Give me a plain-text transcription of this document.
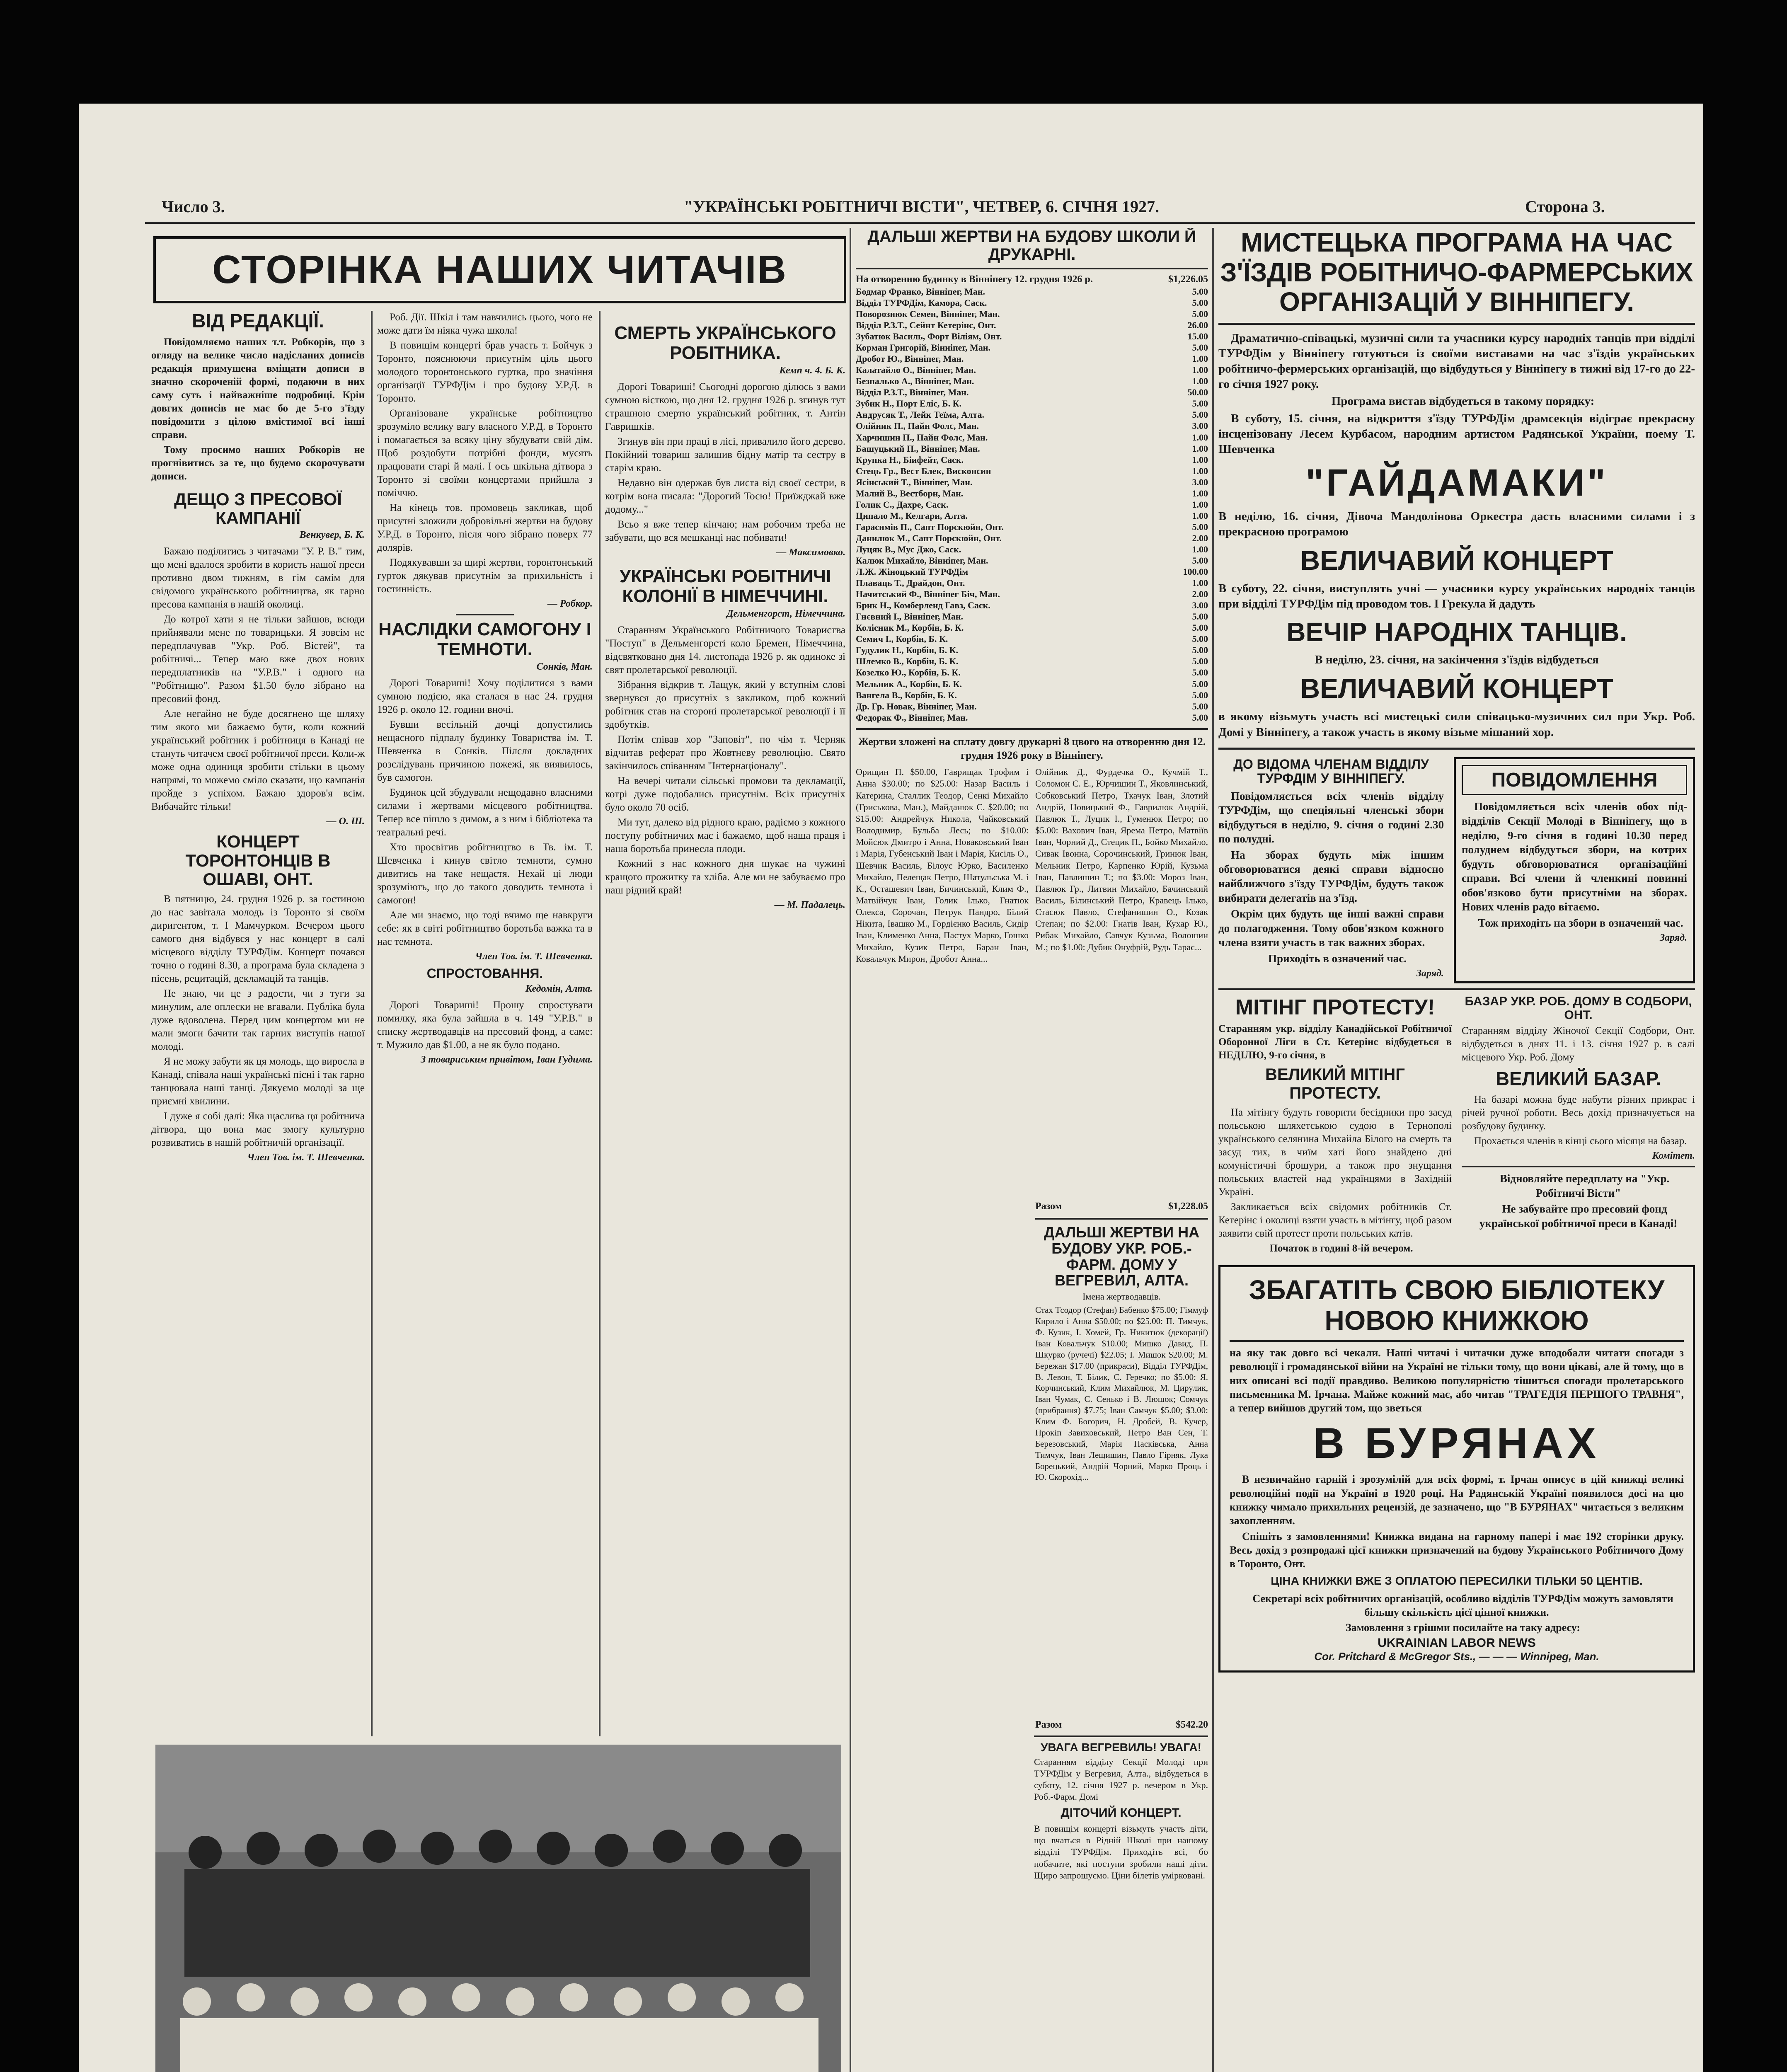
Число 3.	"УКРАЇНСЬКІ РОБІТНИЧІ ВІСТИ", ЧЕТВЕР, 6. СІЧНЯ 1927.	Сторона 3.
СТОРІНКА НАШИХ ЧИТАЧІВ
ВІД РЕДАКЦІЇ.

Повідомляємо наших т.т. Робкорів, що з огляду на велике число надісланих дописів редакція примушена вміщати дописи в значно скороченій формі, подаючи в них саму суть і найважніше подробиці. Кріи довгих дописів не має бо де 5-го з'їзду повідомити з цілою вмістимої всі інші справи.

Тому просимо наших Робкорів не прогнівитись за те, що будемо скорочувати дописи.

ДЕЩО З ПРЕСОВОЇ КАМПАНІЇ
Венкувер, Б. К.

Бажаю поділитись з читачами "У. Р. В." тим, що мені вдалося зробити в користь нашої преси противно двом тижням, в гім самім для свідомого українського робітництва, як гарно пресова кампанія в нашій околиці.

До котрої хати я не тільки зайшов, всюди прийнявали мене по товарицьки. Я зовсім не передплачував "Укр. Роб. Вістей", та робітничі... Тепер маю вже двох нових передплатників на "У.Р.В." і одного на "Робітницю". Разом $1.50 було зібрано на пресовий фонд.

Але негайно не буде досягнено ще шляху тим якого ми бажаємо бути, коли кожний український робітник і робітниця в Канаді не стануть читачем своєї робітничої преси. Коли-ж може одна одиниця зробити стільки в цьому напрямі, то можемо сміло сказати, що кампанія пройде з успіхом. Бажаю здоров'я всім. Вибачайте тільки!

— О. Ш.
КОНЦЕРТ ТОРОНТОНЦІВ В ОШАВІ, ОНТ.

В пятницю, 24. грудня 1926 р. за гостиною до нас завітала молодь із Торонто зі своїм диригентом, т. І Мамчурком. Вечером цього самого дня відбувся у нас концерт в салі місцевого відділу ТУРФДім. Концерт почався точно о годині 8.30, а програма була складена з пісень, рецитацій, декламацій та танців.

Не знаю, чи це з радости, чи з туги за минулим, але оплески не вгавали. Публіка була дуже вдоволена. Перед цим концертом ми не мали змоги бачити так гарних виступів нашої молоді.

Я не можу забути як ця молодь, що виросла в Канаді, співала наші українські пісні і так гарно танцювала наші танці. Дякуємо молоді за ще приємні хвилини.

І дуже я собі далі: Яка щаслива ця робітнича дітвора, що вона має змогу культурно розвиватись в нашій робітничій організації.

Член Тов. ім. Т. Шевченка.

Роб. Дії. Шкіл і там навчились цього, чого не може дати їм ніяка чужа школа!

В повищім концерті брав участь т. Бойчук з Торонто, пояснюючи присутнім ціль цього молодого торонтонського гуртка, про значіння організації ТУРФДім і про будову У.Р.Д. в Торонто.

Організоване українське робітництво зрозуміло велику вагу власного У.Р.Д. в Торонто і помагається за всяку ціну збудувати свій дім. Щоб роздобути потрібні фонди, мусять працювати старі й малі. І ось шкільна дітвора з Торонто зі своїми концертами прийшла з поміччю.

На кінець тов. промовець закликав, щоб присутні зложили добровільні жертви на будову У.Р.Д. в Торонто, після чого зібрано поверх 77 долярів.

Подякувавши за щирі жертви, торонтонський гурток дякував присутнім за прихильність і гостинність.

— Робкор.
НАСЛІДКИ САМОГОНУ І ТЕМНОТИ.
Сонків, Ман.

Дорогі Товариші! Хочу поділитися з вами сумною подією, яка сталася в нас 24. грудня 1926 р. около 12. години вночі.

Бувши весільній дочці допустились нещасного підпалу будинку Товариства ім. Т. Шевченка в Сонків. Пілсля докладних розслідувань причиною пожежі, як виявилось, був самогон.

Будинок цей збудували нещодавно власними силами і жертвами місцевого робітництва. Тепер все пішло з димом, а з ним і бібліотека та театральні речі.

Хто просвітив робітництво в Тв. ім. Т. Шевченка і кинув світло темноти, сумно дивитись на таке нещастя. Нехай ці люди зрозуміють, що до такого доводить темнота і самогон!

Але ми знаємо, що тоді вчимо ще навкруги себе: як в світі робітництво боротьба важка та в нас темнота.

Член Тов. ім. Т. Шевченка.
СПРОСТОВАННЯ.
Кедомін, Алта.

Дорогі Товариші! Прошу спростувати помилку, яка була зайшла в ч. 149 "У.Р.В." в списку жертводавців на пресовий фонд, а саме: т. Мужило дав $1.00, а не як було подано.

З товариським привітом, Іван Гудима.
СМЕРТЬ УКРАЇНСЬКОГО РОБІТНИКА.
Кемп ч. 4. Б. К.

Дорогі Товариші! Сьогодні дорогою ділюсь з вами сумною вісткою, що дня 12. грудня 1926 р. згинув тут страшною смертю український робітник, т. Антін Гавришків.

Згинув він при праці в лісі, привалило його дерево. Покійний товариш залишив бідну матір та сестру в старім краю.

Недавно він одержав був листа від своєї сестри, в котрім вона писала: "Дорогий Тосю! Приїжджай вже додому..."

Всьо я вже тепер кінчаю; нам робочим треба не забувати, що вся мешканці нас побивати!

— Максимовко.
УКРАЇНСЬКІ РОБІТНИЧІ КОЛОНІЇ В НІМЕЧЧИНІ.
Дельменгорст, Німеччина.

Старанням Українського Робітничого Товариства "Поступ" в Дельменгорсті коло Бремен, Німеччина, відсвятковано дня 14. листопада 1926 р. як одиноке зі свят пролетарської революції.

Зібрання відкрив т. Лащук, який у вступнім слові звернувся до присутніх з закликом, щоб кожний робітник став на стороні пролетарської революції і її здобутків.

Потім співав хор "Заповіт", по чім т. Черняк відчитав реферат про Жовтневу революцію. Свято закінчилось співанням "Інтернаціоналу".

На вечері читали сільські промови та декламації, котрі дуже подобались присутнім. Всіх присутніх було около 70 осіб.

Ми тут, далеко від рідного краю, радіємо з кожного поступу робітничих мас і бажаємо, щоб наша праця і наша боротьба принесла плоди.

Кожний з нас кожного дня шукає на чужині кращого прожитку та хліба. Але ми не забуваємо про наш рідний край!

— М. Падалець.
ДАЛЬШІ ЖЕРТВИ НА БУДОВУ ШКОЛИ Й ДРУКАРНІ.
На отворенню будинку в Вінніпегу 12. грудня 1926 р.	$1,226.05
Бодмар Франко, Вінніпег, Ман.	5.00
Відділ ТУРФДім, Камора, Саск.	5.00
Поворознюк Семен, Вінніпег, Ман.	5.00
Відділ Р.З.Т., Сейнт Кетерінс, Онт.	26.00
Зубатюк Василь, Форт Віліям, Онт.	15.00
Корман Григорій, Вінніпег, Ман.	5.00
Дробот Ю., Вінніпег, Ман.	1.00
Калатайло О., Вінніпег, Ман.	1.00
Безпалько А., Вінніпег, Ман.	1.00
Відділ Р.З.Т., Вінніпег, Ман.	50.00
Зубик Н., Порт Еліс, Б. К.	5.00
Андрусяк Т., Лейк Теїма, Алта.	5.00
Олійник П., Пайн Фолс, Ман.	3.00
Харчишин П., Пайн Фолс, Ман.	1.00
Башуцький П., Вінніпег, Ман.	1.00
Крупка Н., Біифейт, Саск.	1.00
Стець Гр., Вест Блек, Висконсин	1.00
Ясінський Т., Вінніпег, Ман.	3.00
Малий В., Вестборн, Ман.	1.00
Голик С., Дахре, Саск.	1.00
Ципало М., Келгари, Алта.	1.00
Гараснмів П., Сапт Порскюйн, Онт.	5.00
Данилюк М., Сапт Порскюйн, Онт.	2.00
Луцяк В., Мус Джо, Саск.	1.00
Калюк Михайло, Вінніпег, Ман.	5.00
Л.Ж. Жіноцький ТУРФДім	100.00
Плаваць Т., Драйдон, Онт.	1.00
Начитський Ф., Вінніпег Біч, Ман.	2.00
Брик Н., Комберленд Гавз, Саск.	3.00
Гнєвний І., Вінніпег, Ман.	5.00
Колісник М., Корбін, Б. К.	5.00
Семич І., Корбін, Б. К.	5.00
Гудулик Н., Корбін, Б. К.	5.00
Шлемко В., Корбін, Б. К.	5.00
Козелко Ю., Корбін, Б. К.	5.00
Мельник А., Корбін, Б. К.	5.00
Вангела В., Корбін, Б. К.	5.00
Др. Гр. Новак, Вінніпег, Ман.	5.00
Федорак Ф., Вінніпег, Ман.	5.00
Жертви зложені на сплату довгу друкарні 8 цвого на отворенню дня 12. грудня 1926 року в Вінніпегу.
Орищин П. $50.00, Гаврищак Трофим і Анна $30.00; по $25.00: Назар Василь і Катерина, Сталлик Теодор, Сенкі Михайло (Гриськова, Ман.), Майданюк С. $20.00; по $15.00: Андрейчук Никола, Чайковський Володимир, Бульба Лесь; по $10.00: Мойсюк Дмитро і Анна, Новаковський Іван і Марія, Губенський Іван і Марія, Кисіль О., Шевчик Василь, Білоус Юрко, Василенко Михайло, Пелещак Петро, Шатульська М. і К., Осташевич Іван, Бичинський, Клим Ф., Матвійчук Іван, Голик Ілько, Гнатюк Олекса, Сорочан, Петрук Пандро, Білий Нікита, Івашко М., Гордієнко Василь, Сидір Іван, Клименко Анна, Пастух Марко, Гошко Михайло, Кузик Петро, Баран Іван, Ковальчук Мирон, Дробот Анна...
Олійник Д., Фурдечка О., Кучмій Т., Соломон С. Е., Юрчишин Т., Яковлинський, Собковський Петро, Ткачук Іван, Злотий Андрій, Новицький Ф., Гаврилюк Андрій, Павлюк Т., Луцик І., Гуменюк Петро; по $5.00: Вахович Іван, Ярема Петро, Матвіїв Іван, Чорний Д., Стецик П., Бойко Михайло, Сивак Івонна, Сорочинський, Гринюк Іван, Мельник Петро, Карпенко Юрій, Кузьма Іван, Павлишин Т.; по $3.00: Мороз Іван, Павлюк Гр., Литвин Михайло, Бачинський Василь, Білинський Петро, Кравець Ілько, Стасюк Павло, Стефанишин О., Козак Степан; по $2.00: Гнатів Іван, Кухар Ю., Рибак Михайло, Савчук Кузьма, Волошин М.; по $1.00: Дубик Онуфрій, Рудь Тарас...
Разом	$1,228.05
ДАЛЬШІ ЖЕРТВИ НА БУДОВУ УКР. РОБ.-ФАРМ. ДОМУ У ВЕГРЕВИЛ, АЛТА.
Імена жертводавців.
Стах Тсодор (Стефан) Бабенко $75.00; Гіммуф Кирило і Анна $50.00; по $25.00: П. Тимчук, Ф. Кузик, І. Хомей, Гр. Никитюк (декорації) Іван Ковальчук $10.00; Мишко Давид, П. Шкурко (ручечі) $22.05; І. Мишок $20.00; М. Бережан $17.00 (прикраси), Відділ ТУРФДім, В. Левон, Т. Білик, С. Геречко; по $5.00: Я. Корчинський, Клим Михайлюк, М. Цирулик, Іван Чумак, С. Сенько і В. Люшок; Сомчук (прибрання) $7.75; Іван Самчук $5.00; $3.00: Клим Ф. Богорич, Н. Дробей, В. Кучер, Прокіп Завиховський, Петро Ван Сен, Т. Березовський, Марія Пасківська, Анна Тимчук, Іван Лещишин, Павло Гірняк, Лука Борецький, Андрій Чорний, Марко Проць і Ю. Скорохід...
Разом	$542.20
УВАГА ВЕГРЕВИЛЬ! УВАГА!
Старанням відділу Секції Молоді при ТУРФДім у Вегревил, Алта., відбудеться в суботу, 12. січня 1927 р. вечером в Укр. Роб.-Фарм. Домі
ДІТОЧИЙ КОНЦЕРТ.
В повищім концерті візьмуть участь діти, що вчаться в Рідній Школі при нашому відділі ТУРФДім. Приходіть всі, бо побачите, які поступи зробили наші діти. Щиро запрошуємо. Ціни білетів умірковані.
МИСТЕЦЬКА ПРОГРАМА НА ЧАС З'ЇЗДІВ РОБІТНИЧО-ФАРМЕРСЬКИХ ОРГАНІЗАЦІЙ У ВІННІПЕГУ.

Драматично-співацькі, музичні сили та учасники курсу народніх танців при відділі ТУРФДім у Вінніпегу готуються із своїми виставами на час з'їздів українських робітничо-фермерських організацій, що відбудуться у Вінніпегу в тижні від 17-го до 22-го січня 1927 року.

Програма вистав відбудеться в такому порядку:

В суботу, 15. січня, на відкриття з'їзду ТУРФДім драмсекція відіграє прекрасну інсценізовану Лесем Курбасом, народним артистом Радянської України, поему Т. Шевченка

"ГАЙДАМАКИ"
В неділю, 16. січня, Дівоча Мандолінова Оркестра дасть власними силами і з прекрасною програмою
ВЕЛИЧАВИЙ КОНЦЕРТ
В суботу, 22. січня, виступлять учні — учасники курсу українських народніх танців при відділі ТУРФДім під проводом тов. І Грекула й дадуть
ВЕЧІР НАРОДНІХ ТАНЦІВ.
В неділю, 23. січня, на закінчення з'їздів відбудеться
ВЕЛИЧАВИЙ КОНЦЕРТ
в якому візьмуть участь всі мистецькі сили співацько-музичних сил при Укр. Роб. Домі у Вінніпегу, а також участь в якому візьме мішаний хор.
ДО ВІДОМА ЧЛЕНАМ ВІДДІЛУ ТУРФДІМ У ВІННІПЕГУ.

Повідомляється всіх членів відділу ТУРФДім, що спеціяльні членські збори відбудуться в неділю, 9. січня о годині 2.30 по полудні.

На зборах будуть між іншим обговорюватися деякі справи відносно найближчого з'їзду ТУРФДім, будуть також вибирати делегатів на з'їзд.

Окрім цих будуть ще інші важні справи до полагодження. Тому обов'язком кожного члена взяти участь в так важних зборах.

Приходіть в означений час.

Заряд.
ПОВІДОМЛЕННЯ

Повідомляється всіх членів обох під-відділів Секції Молоді в Вінніпегу, що в неділю, 9-го січня в годині 10.30 перед полуднем відбудуться збори, на котрих будуть обговорюватися організаційні справи. Всі члени й членкині повинні обов'язково бути присутніми на зборах. Нових членів радо вітаємо.

Тож приходіть на збори в означений час.

Заряд.
МІТІНГ ПРОТЕСТУ!
Старанням укр. відділу Канадійської Робітничої Оборонної Ліги в Ст. Кетерінс відбудеться в НЕДІЛЮ, 9-го січня, в
ВЕЛИКИЙ МІТІНГ ПРОТЕСТУ.

На мітінгу будуть говорити бесідники про засуд польською шляхетською судою в Тернополі українського селянина Михайла Білого на смерть та засуд тих, в чиїм хаті його знайдено дні комуністичні брошури, а також про знущання польських властей над українцями в Західній Україні.

Закликається всіх свідомих робітників Ст. Кетерінс і околиці взяти участь в мітінгу, щоб разом заявити свій протест проти польських катів.

Початок в годині 8-ій вечером.

БАЗАР УКР. РОБ. ДОМУ В СОДБОРИ, ОНТ.
Старанням відділу Жіночої Секції Содбори, Онт. відбудеться в днях 11. і 13. січня 1927 р. в салі місцевого Укр. Роб. Дому
ВЕЛИКИЙ БАЗАР.

На базарі можна буде набути різних прикрас і річей ручної роботи. Весь дохід призначується на розбудову будинку.

Прохається членів в кінці сього місяця на базар.

Комітет.

Відновляйте передплату на "Укр. Робітничі Вісти"

Не забувайте про пресовий фонд української робітничої преси в Канаді!

ЗБАГАТІТЬ СВОЮ БІБЛІОТЕКУ НОВОЮ КНИЖКОЮ
на яку так довго всі чекали. Наші читачі і читачки дуже вподобали читати спогади з революції і громадянської війни на Україні не тільки тому, що вони цікаві, але й тому, що в них описані всі події правдиво. Великою популярністю тішиться спогади пролетарського письменника М. Ірчана. Майже кожний має, або читав "ТРАГЕДІЯ ПЕРШОГО ТРАВНЯ", а тепер вийшов другий том, що зветься
В БУРЯНАХ

В незвичайно гарній і зрозумілій для всіх формі, т. Ірчан описує в цій книжці великі революційні події на Україні в 1920 році. На Радянській Україні появилося досі на цю книжку чимало прихильних рецензій, де зазначено, що "В БУРЯНАХ" читається з великим захопленням.

Спішіть з замовленнями! Книжка видана на гарному папері і має 192 сторінки друку. Весь дохід з розпродажі цієї книжки призначений на будову Українського Робітничого Дому в Торонто, Онт.

ЦІНА КНИЖКИ ВЖЕ З ОПЛАТОЮ ПЕРЕСИЛКИ ТІЛЬКИ 50 ЦЕНТІВ.

Секретарі всіх робітничих організацій, особливо відділів ТУРФДім можуть замовляти більшу скількість цієї цінної книжки.

Замовлення з грішми посилайте на таку адресу:

UKRAINIAN LABOR NEWS
Cor. Pritchard & McGregor Sts., — — — Winnipeg, Man.
